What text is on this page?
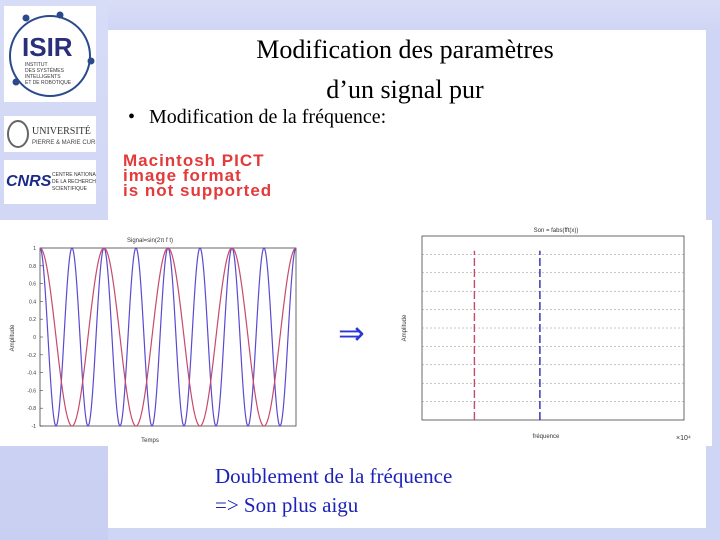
ISIR
INSTITUT
DES SYSTÈMES
INTELLIGENTS
ET DE ROBOTIQUE
UNIVERSITÉ
PIERRE & MARIE CURIE
CNRS CENTRE NATIONAL
DE LA RECHERCHE
SCIENTIFIQUE
Modification des paramètres
d’un signal pur
• Modification de la fréquence:
Macintosh PICT
image format
is not supported
Signal=sin(2π f t)
-1
-0.8
-0.6
-0.4
-0.2
0
0.2
0.4
0.6
0.8
1
Temps
Amplitude	⇒
Son = fabs(fft(x))
fréquence
Amplitude
×10⁴
Doublement de la fréquence
=> Son plus aigu
